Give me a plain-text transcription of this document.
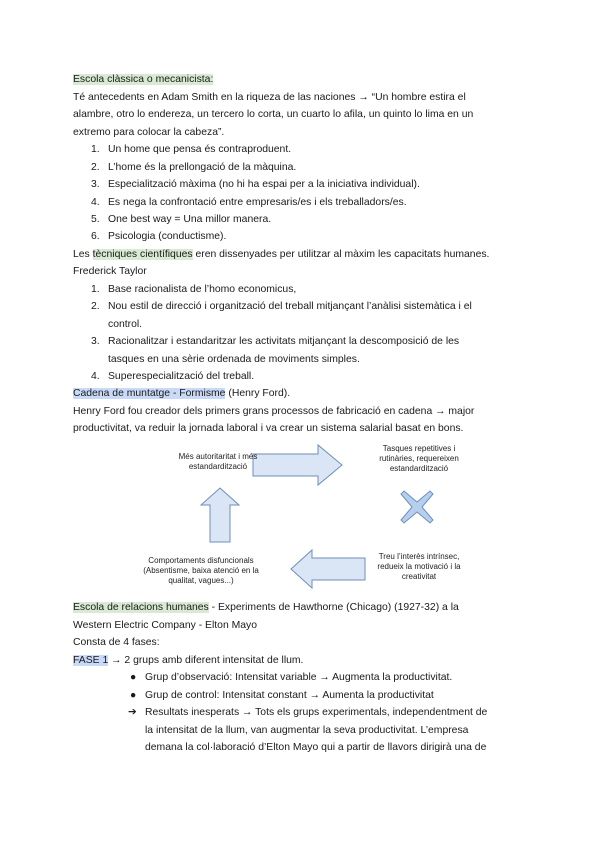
Escola clàssica o mecanicista:
Té antecedents en Adam Smith en la riqueza de las naciones → “Un hombre estira el
alambre, otro lo endereza, un tercero lo corta, un cuarto lo afila, un quinto lo lima en un
extremo para colocar la cabeza”.
1. Un home que pensa és contraproduent.
2. L’home és la prellongació de la màquina.
3. Especialització màxima (no hi ha espai per a la iniciativa individual).
4. Es nega la confrontació entre empresaris/es i els treballadors/es.
5. One best way = Una millor manera.
6. Psicologia (conductisme).
Les tècniques científiques eren dissenyades per utilitzar al màxim les capacitats humanes.
Frederick Taylor
1. Base racionalista de l’homo economicus,
2. Nou estil de direcció i organització del treball mitjançant l’anàlisi sistemàtica i el
control.
3. Racionalitzar i estandaritzar les activitats mitjançant la descomposició de les
tasques en una sèrie ordenada de moviments simples.
4. Superespecialització del treball.
Cadena de muntatge - Formisme (Henry Ford).
Henry Ford fou creador dels primers grans processos de fabricació en cadena → major
productivitat, va reduir la jornada laboral i va crear un sistema salarial basat en bons.
Més autoritaritat i més
estandardització
Tasques repetitives i
rutinàries, requereixen
estandardització
Treu l’interès intrínsec,
redueix la motivació i la
creativitat
Comportaments disfuncionals
(Absentisme, baixa atenció en la
qualitat, vagues...)
Escola de relacions humanes - Experiments de Hawthorne (Chicago) (1927-32) a la
Western Electric Company - Elton Mayo
Consta de 4 fases:
FASE 1 → 2 grups amb diferent intensitat de llum.
● Grup d’observació: Intensitat variable → Augmenta la productivitat.
● Grup de control: Intensitat constant → Aumenta la productivitat
➔ Resultats inesperats → Tots els grups experimentals, independentment de
la intensitat de la llum, van augmentar la seva productivitat. L’empresa
demana la col·laboració d’Elton Mayo qui a partir de llavors dirigirà una de
